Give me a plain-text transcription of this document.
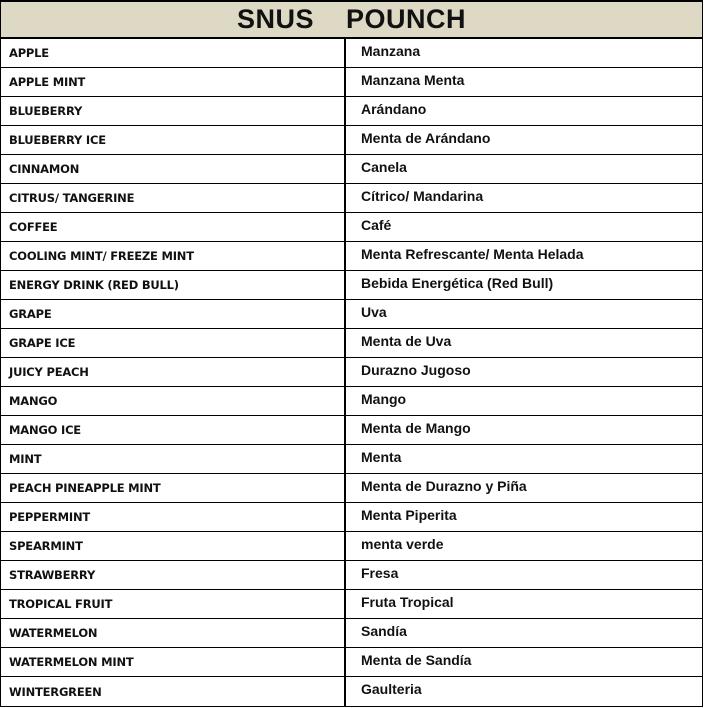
SNUS    POUNCH
APPLE	Manzana
APPLE MINT	Manzana Menta
BLUEBERRY	Arándano
BLUEBERRY ICE	Menta de Arándano
CINNAMON	Canela
CITRUS/ TANGERINE	Cítrico/ Mandarina
COFFEE	Café
COOLING MINT/ FREEZE MINT	Menta Refrescante/ Menta Helada
ENERGY DRINK (RED BULL)	Bebida Energética (Red Bull)
GRAPE	Uva
GRAPE ICE	Menta de Uva
JUICY PEACH	Durazno Jugoso
MANGO	Mango
MANGO ICE	Menta de Mango
MINT	Menta
PEACH PINEAPPLE MINT	Menta de Durazno y Piña
PEPPERMINT	Menta Piperita
SPEARMINT	menta verde
STRAWBERRY	Fresa
TROPICAL FRUIT	Fruta Tropical
WATERMELON	Sandía
WATERMELON MINT	Menta de Sandía
WINTERGREEN	Gaulteria
